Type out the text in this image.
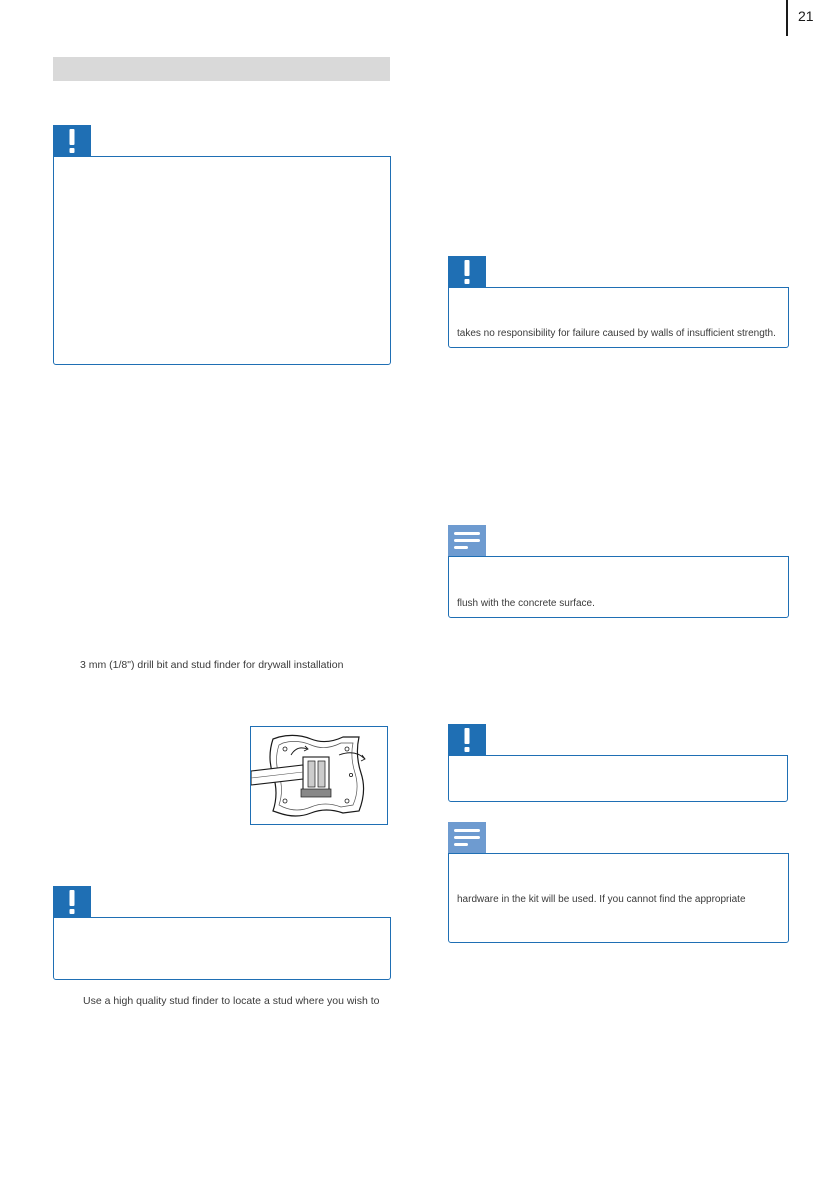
21
takes no responsibility for failure caused by walls of insufficient strength.
flush with the concrete surface.
hardware in the kit will be used. If you cannot find the appropriate
3 mm (1/8") drill bit and stud finder for drywall installation
Use a high quality stud finder to locate a stud where you wish to
